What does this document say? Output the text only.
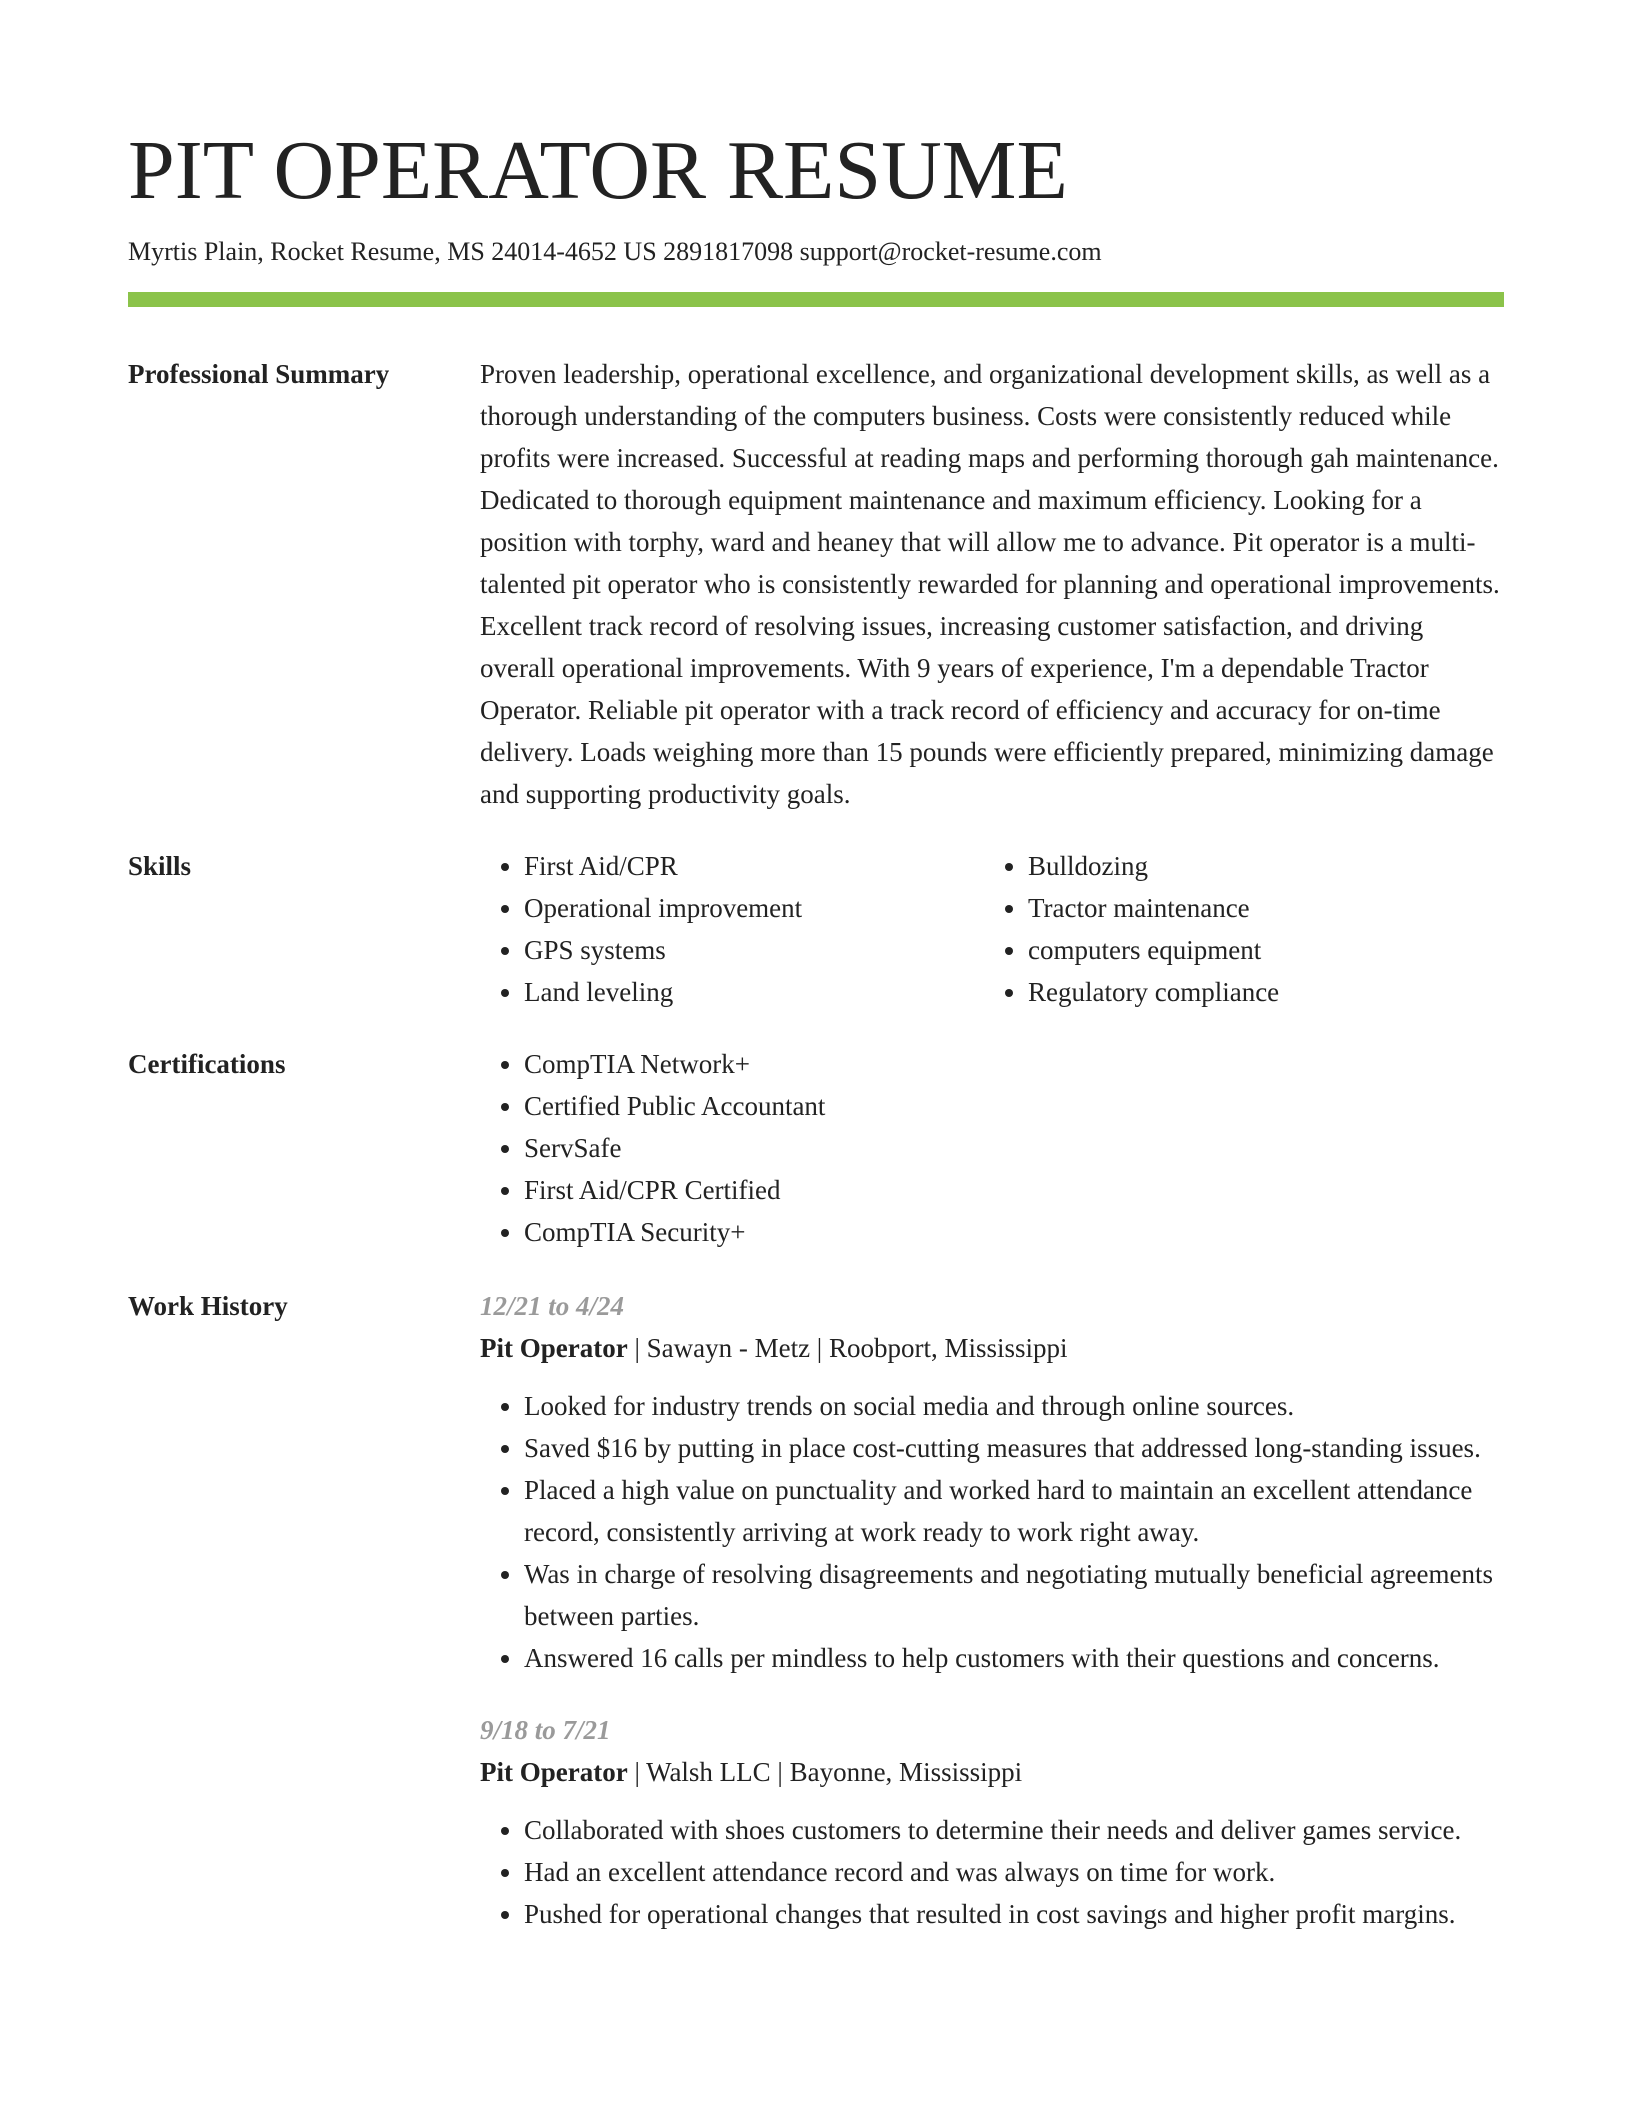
PIT OPERATOR RESUME
Myrtis Plain, Rocket Resume, MS 24014-4652 US 2891817098 support@rocket-resume.com
Professional Summary	Proven leadership, operational excellence, and organizational development skills, as well as a thorough understanding of the computers business. Costs were consistently reduced while profits were increased. Successful at reading maps and performing thorough gah maintenance. Dedicated to thorough equipment maintenance and maximum efficiency. Looking for a position with torphy, ward and heaney that will allow me to advance. Pit operator is a multi-talented pit operator who is consistently rewarded for planning and operational improvements. Excellent track record of resolving issues, increasing customer satisfaction, and driving overall operational improvements. With 9 years of experience, I'm a dependable Tractor Operator. Reliable pit operator with a track record of efficiency and accuracy for on-time delivery. Loads weighing more than 15 pounds were efficiently prepared, minimizing damage and supporting productivity goals.

Skills	• First Aid/CPR
• Operational improvement
• GPS systems
• Land leveling
• Bulldozing
• Tractor maintenance
• computers equipment
• Regulatory compliance
Certifications	• CompTIA Network+
• Certified Public Accountant
• ServSafe
• First Aid/CPR Certified
• CompTIA Security+
Work History	12/21 to 4/24
Pit Operator | Sawayn - Metz | Roobport, Mississippi
• Looked for industry trends on social media and through online sources.
• Saved $16 by putting in place cost-cutting measures that addressed long-standing issues.
• Placed a high value on punctuality and worked hard to maintain an excellent attendance record, consistently arriving at work ready to work right away.
• Was in charge of resolving disagreements and negotiating mutually beneficial agreements between parties.
• Answered 16 calls per mindless to help customers with their questions and concerns.
9/18 to 7/21
Pit Operator | Walsh LLC | Bayonne, Mississippi
• Collaborated with shoes customers to determine their needs and deliver games service.
• Had an excellent attendance record and was always on time for work.
• Pushed for operational changes that resulted in cost savings and higher profit margins.
